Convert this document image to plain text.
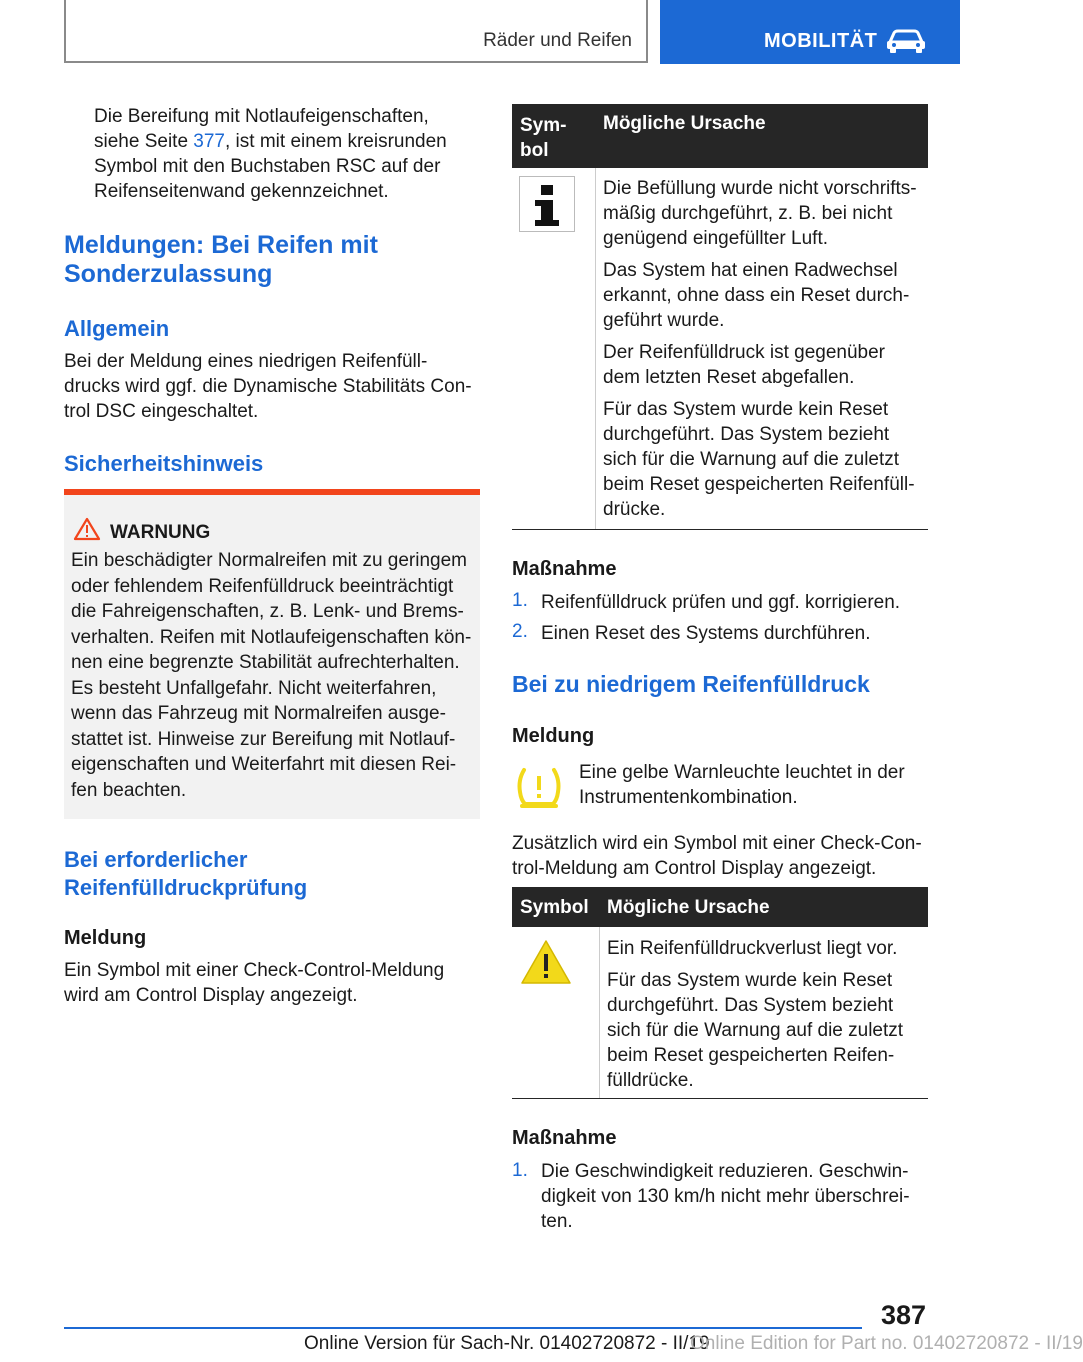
Räder und Reifen	MOBILITÄT
Die Bereifung mit Notlaufeigenschaften,
siehe Seite 377, ist mit einem kreisrunden
Symbol mit den Buchstaben RSC auf der
Reifenseitenwand gekennzeichnet.
Meldungen: Bei Reifen mit
Sonderzulassung
Allgemein
Bei der Meldung eines niedrigen Reifenfüll-
drucks wird ggf. die Dynamische Stabilitäts Con-
trol DSC eingeschaltet.
Sicherheitshinweis
WARNUNG
Ein beschädigter Normalreifen mit zu geringem
oder fehlendem Reifenfülldruck beeinträchtigt
die Fahreigenschaften, z. B. Lenk- und Brems-
verhalten. Reifen mit Notlaufeigenschaften kön-
nen eine begrenzte Stabilität aufrechterhalten.
Es besteht Unfallgefahr. Nicht weiterfahren,
wenn das Fahrzeug mit Normalreifen ausge-
stattet ist. Hinweise zur Bereifung mit Notlauf-
eigenschaften und Weiterfahrt mit diesen Rei-
fen beachten.
Bei erforderlicher
Reifenfülldruckprüfung
Meldung
Ein Symbol mit einer Check-Control-Meldung
wird am Control Display angezeigt.
Sym-
bol
Mögliche Ursache
Die Befüllung wurde nicht vorschrifts-
mäßig durchgeführt, z. B. bei nicht
genügend eingefüllter Luft.
Das System hat einen Radwechsel
erkannt, ohne dass ein Reset durch-
geführt wurde.
Der Reifenfülldruck ist gegenüber
dem letzten Reset abgefallen.
Für das System wurde kein Reset
durchgeführt. Das System bezieht
sich für die Warnung auf die zuletzt
beim Reset gespeicherten Reifenfüll-
drücke.
Maßnahme
1. Reifenfülldruck prüfen und ggf. korrigieren.
2. Einen Reset des Systems durchführen.
Bei zu niedrigem Reifenfülldruck
Meldung
Eine gelbe Warnleuchte leuchtet in der
Instrumentenkombination.
Zusätzlich wird ein Symbol mit einer Check-Con-
trol-Meldung am Control Display angezeigt.
Symbol Mögliche Ursache
Ein Reifenfülldruckverlust liegt vor.
Für das System wurde kein Reset
durchgeführt. Das System bezieht
sich für die Warnung auf die zuletzt
beim Reset gespeicherten Reifen-
fülldrücke.
Maßnahme
1. Die Geschwindigkeit reduzieren. Geschwin-
digkeit von 130 km/h nicht mehr überschrei-
ten.
387
Online Version für Sach-Nr. 01402720872 - II/19
Online Edition for Part no. 01402720872 - II/19
